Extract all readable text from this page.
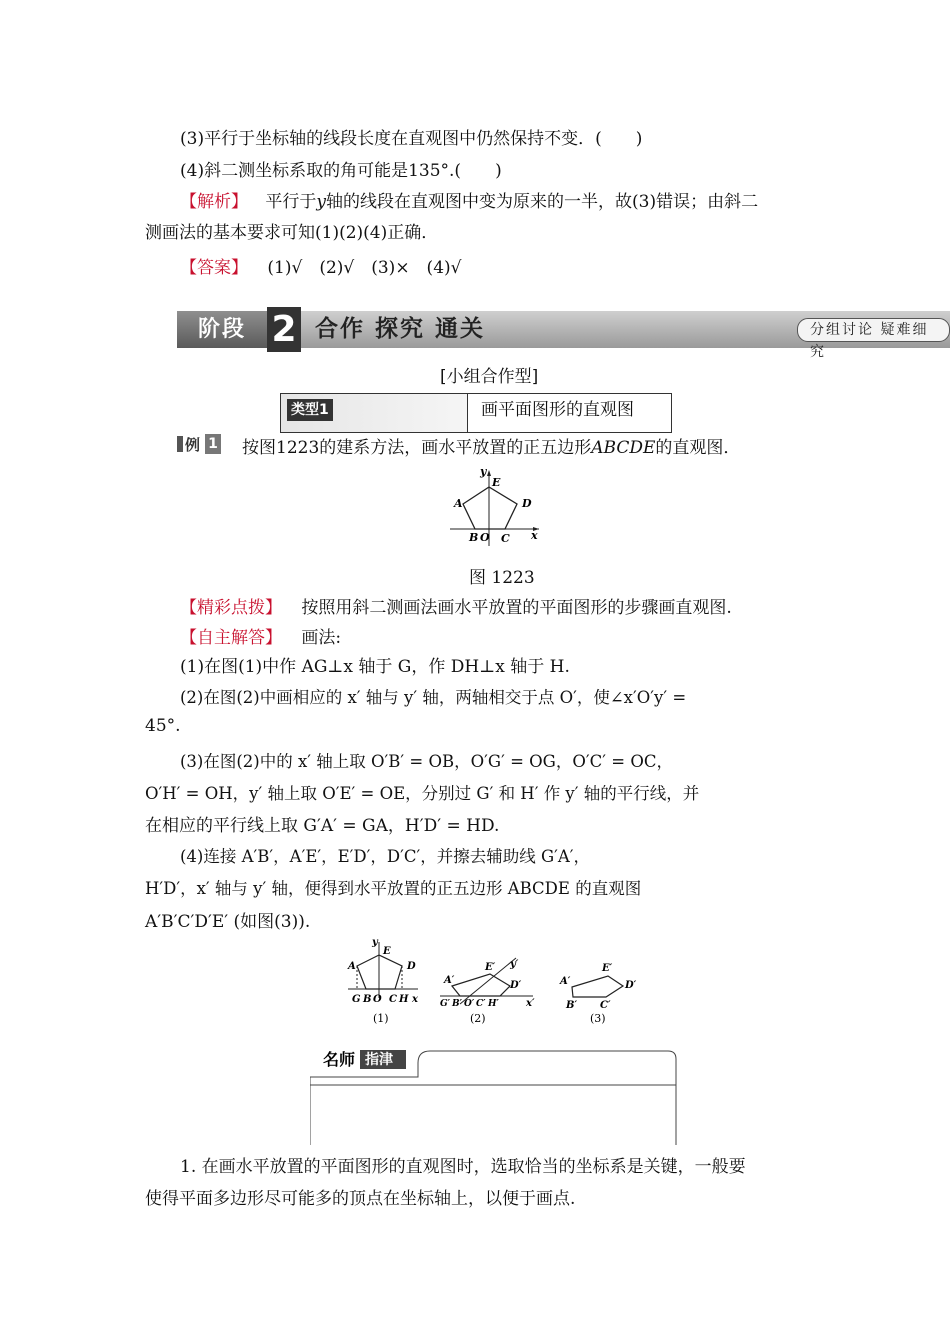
(3)平行于坐标轴的线段长度在直观图中仍然保持不变．(　　)
(4)斜二测坐标系取的角可能是135°.(　　)
【解析】 平行于y轴的线段在直观图中变为原来的一半，故(3)错误；由斜二
测画法的基本要求可知(1)(2)(4)正确．
【答案】 (1)√　(2)√　(3)×　(4)√
阶段 2 合作 探究 通关	分组讨论 疑难细究
[小组合作型]
类型1	画平面图形的直观图
例 1 按图1223的建系方法，画水平放置的正五边形ABCDE的直观图．
A
E
D
B O C x
y
图 1223
【精彩点拨】 按照用斜二测画法画水平放置的平面图形的步骤画直观图.
【自主解答】 画法:
(1)在图(1)中作 AG⊥x 轴于 G，作 DH⊥x 轴于 H.
(2)在图(2)中画相应的 x′ 轴与 y′ 轴，两轴相交于点 O′，使∠x′O′y′ =
45°.
(3)在图(2)中的 x′ 轴上取 O′B′ = OB，O′G′ = OG，O′C′ = OC，
O′H′ = OH，y′ 轴上取 O′E′ = OE，分别过 G′ 和 H′ 作 y′ 轴的平行线，并
在相应的平行线上取 G′A′ = GA，H′D′ = HD.
(4)连接 A′B′，A′E′，E′D′，D′C′，并擦去辅助线 G′A′，
H′D′，x′ 轴与 y′ 轴，便得到水平放置的正五边形 ABCDE 的直观图
A′B′C′D′E′ (如图(3)).
A
E
D
G B O C H x
y
(1)
A′
E′ y′
D′
G′ B′ O′ C′ H′	x′
(2)
A′
E′
D′
B′ C′
(3)
名师 指津
1. 在画水平放置的平面图形的直观图时，选取恰当的坐标系是关键，一般要
使得平面多边形尽可能多的顶点在坐标轴上，以便于画点.
